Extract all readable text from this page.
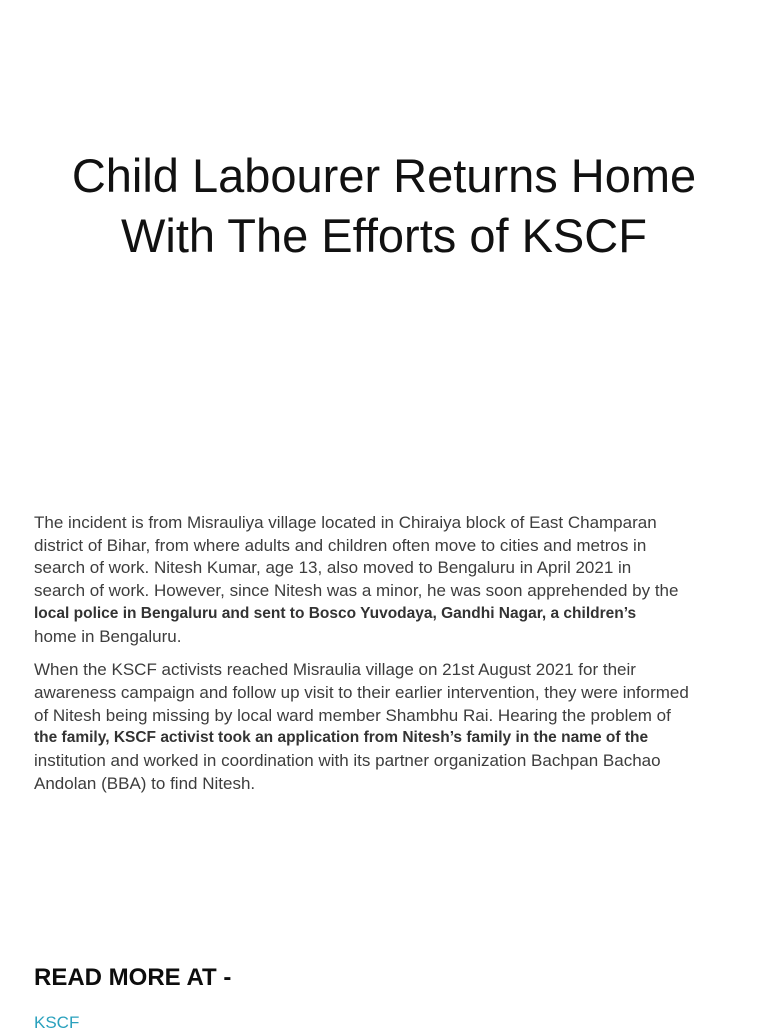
Child Labourer Returns Home
With The Efforts of KSCF

The incident is from Misrauliya village located in Chiraiya block of East Champaran
district of Bihar, from where adults and children often move to cities and metros in
search of work. Nitesh Kumar, age 13, also moved to Bengaluru in April 2021 in
search of work. However, since Nitesh was a minor, he was soon apprehended by the
local police in Bengaluru and sent to Bosco Yuvodaya, Gandhi Nagar, a children’s
home in Bengaluru.

When the KSCF activists reached Misraulia village on 21st August 2021 for their
awareness campaign and follow up visit to their earlier intervention, they were informed
of Nitesh being missing by local ward member Shambhu Rai. Hearing the problem of
the family, KSCF activist took an application from Nitesh’s family in the name of the
institution and worked in coordination with its partner organization Bachpan Bachao
Andolan (BBA) to find Nitesh.

READ MORE AT -
KSCF
